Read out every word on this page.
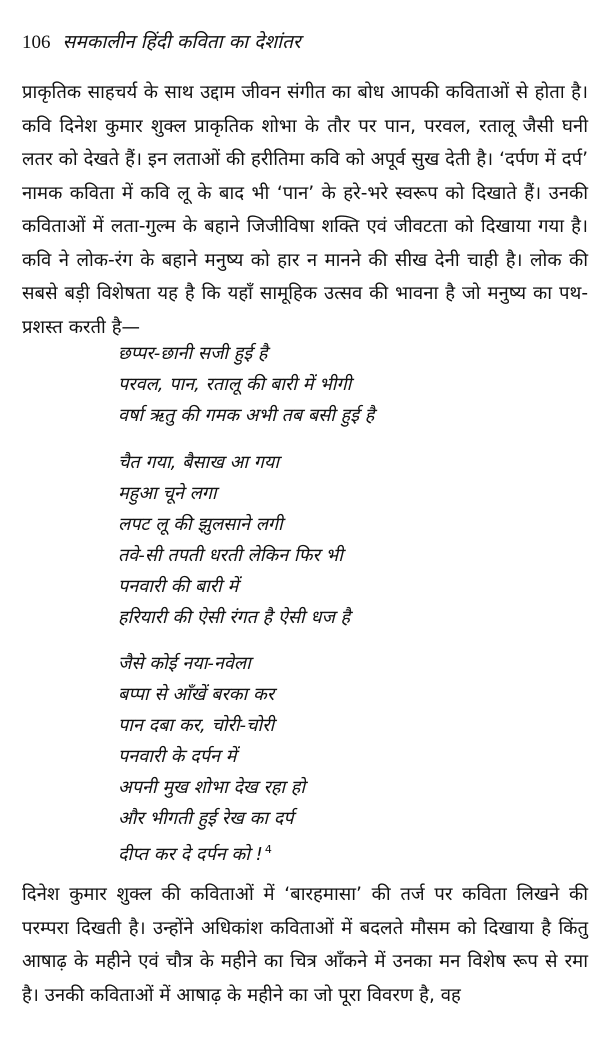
106 समकालीन हिंदी कविता का देशांतर

प्राकृतिक साहचर्य के साथ उद्दाम जीवन संगीत का बोध आपकी कविताओं से होता है। कवि दिनेश कुमार शुक्ल प्राकृतिक शोभा के तौर पर पान, परवल, रतालू जैसी घनी लतर को देखते हैं। इन लताओं की हरीतिमा कवि को अपूर्व सुख देती है। ‘दर्पण में दर्प’ नामक कविता में कवि लू के बाद भी ‘पान’ के हरे-भरे स्वरूप को दिखाते हैं। उनकी कविताओं में लता-गुल्म के बहाने जिजीविषा शक्ति एवं जीवटता को दिखाया गया है। कवि ने लोक-रंग के बहाने मनुष्य को हार न मानने की सीख देनी चाही है। लोक की सबसे बड़ी विशेषता यह है कि यहाँ सामूहिक उत्सव की भावना है जो मनुष्य का पथ-प्रशस्त करती है—

छप्पर-छानी सजी हुई है
परवल, पान, रतालू की बारी में भीगी
वर्षा ऋतु की गमक अभी तब बसी हुई है
चैत गया, बैसाख आ गया
महुआ चूने लगा
लपट लू की झुलसाने लगी
तवे-सी तपती धरती लेकिन फिर भी
पनवारी की बारी में
हरियारी की ऐसी रंगत है ऐसी धज है
जैसे कोई नया-नवेला
बप्पा से आँखें बरका कर
पान दबा कर, चोरी-चोरी
पनवारी के दर्पन में
अपनी मुख शोभा देख रहा हो
और भीगती हुई रेख का दर्प
दीप्त कर दे दर्पन को ! $^4$

दिनेश कुमार शुक्ल की कविताओं में ‘बारहमासा’ की तर्ज पर कविता लिखने की परम्परा दिखती है। उन्होंने अधिकांश कविताओं में बदलते मौसम को दिखाया है किंतु आषाढ़ के महीने एवं चौत्र के महीने का चित्र आँकने में उनका मन विशेष रूप से रमा है। उनकी कविताओं में आषाढ़ के महीने का जो पूरा विवरण है, वह
